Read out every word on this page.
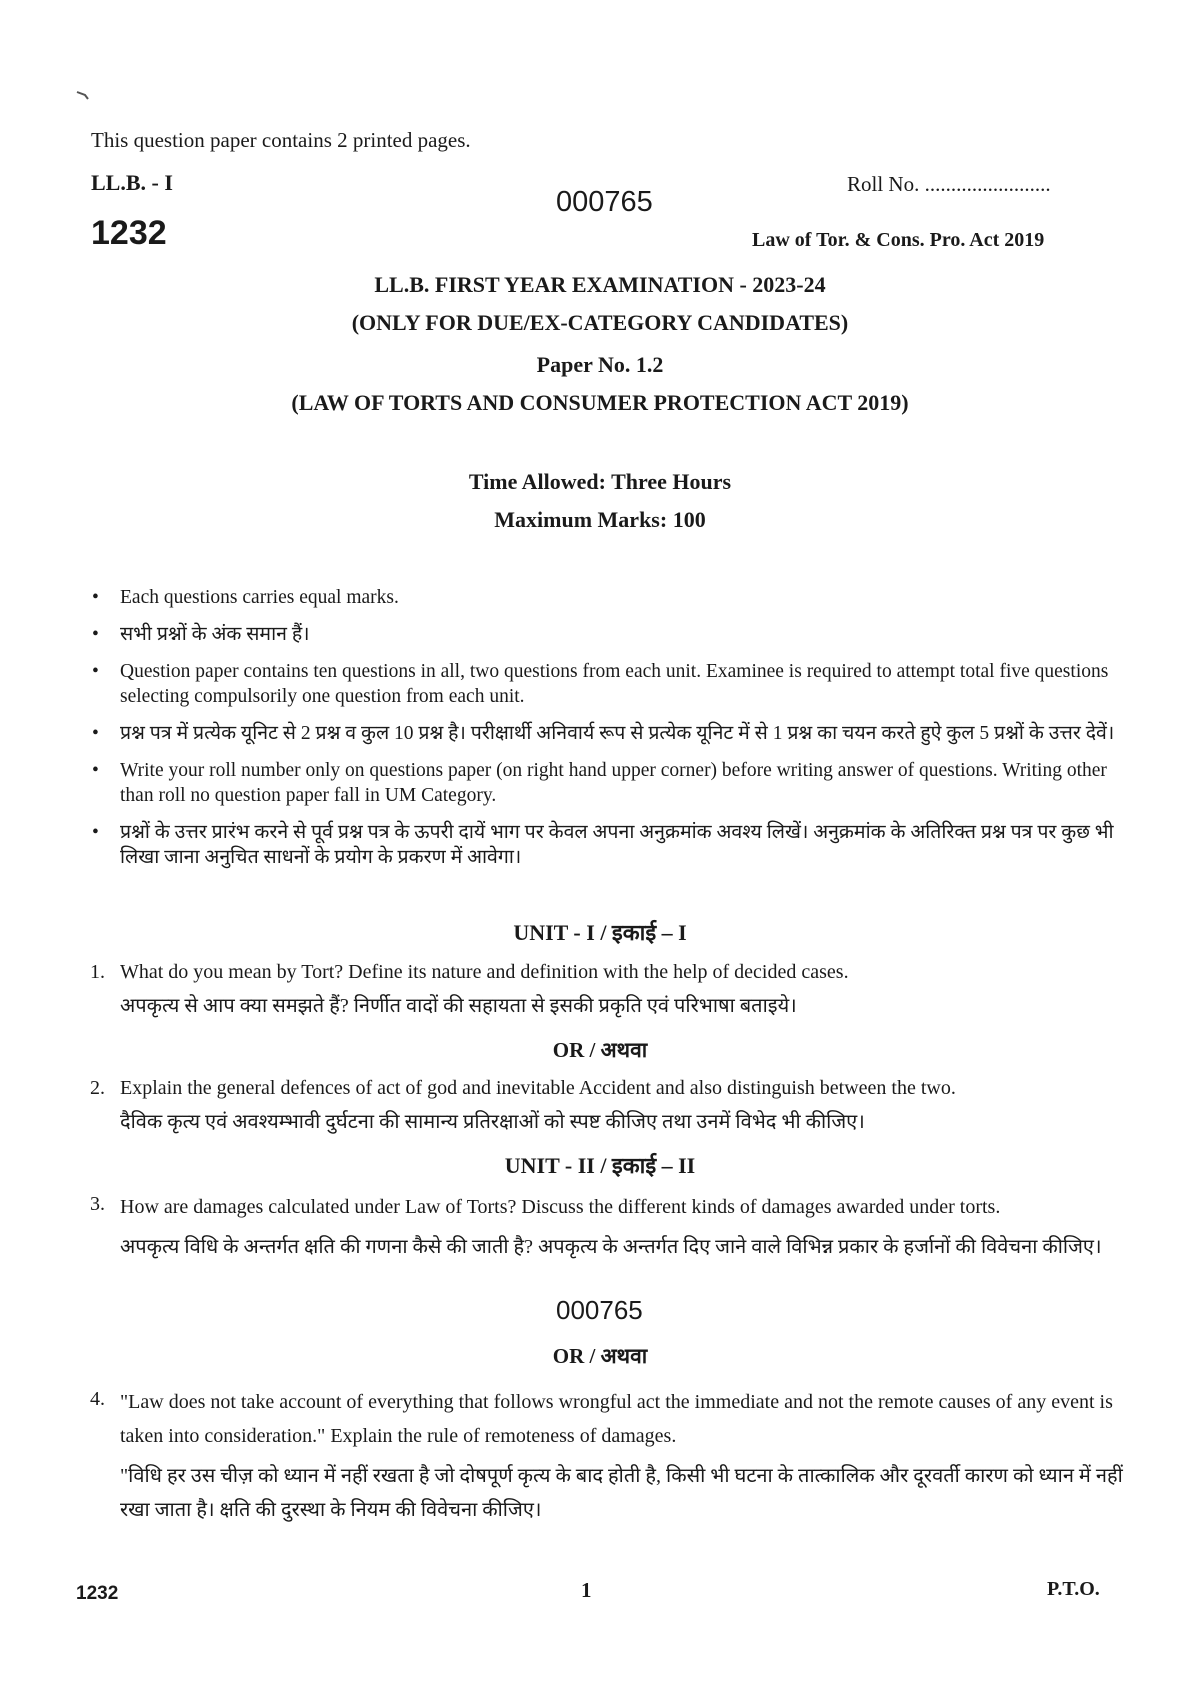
This question paper contains 2 printed pages.
LL.B. - I
1232
000765
Roll No. ........................
Law of Tor. & Cons. Pro. Act 2019
LL.B. FIRST YEAR EXAMINATION - 2023-24
(ONLY FOR DUE/EX-CATEGORY CANDIDATES)
Paper No. 1.2
(LAW OF TORTS AND CONSUMER PROTECTION ACT 2019)
Time Allowed: Three Hours
Maximum Marks: 100
• Each questions carries equal marks.
• सभी प्रश्नों के अंक समान हैं।
• Question paper contains ten questions in all, two questions from each unit. Examinee is required to attempt total five questions selecting compulsorily one question from each unit.
• प्रश्न पत्र में प्रत्येक यूनिट से 2 प्रश्न व कुल 10 प्रश्न है। परीक्षार्थी अनिवार्य रूप से प्रत्येक यूनिट में से 1 प्रश्न का चयन करते हुऐ कुल 5 प्रश्नों के उत्तर देवें।
• Write your roll number only on questions paper (on right hand upper corner) before writing answer of questions. Writing other than roll no question paper fall in UM Category.
• प्रश्नों के उत्तर प्रारंभ करने से पूर्व प्रश्न पत्र के ऊपरी दायें भाग पर केवल अपना अनुक्रमांक अवश्य लिखें। अनुक्रमांक के अतिरिक्त प्रश्न पत्र पर कुछ भी लिखा जाना अनुचित साधनों के प्रयोग के प्रकरण में आवेगा।
UNIT - I / इकाई – I
1. What do you mean by Tort? Define its nature and definition with the help of decided cases.
अपकृत्य से आप क्या समझते हैं? निर्णीत वादों की सहायता से इसकी प्रकृति एवं परिभाषा बताइये।
OR / अथवा
2. Explain the general defences of act of god and inevitable Accident and also distinguish between the two.
दैविक कृत्य एवं अवश्यम्भावी दुर्घटना की सामान्य प्रतिरक्षाओं को स्पष्ट कीजिए तथा उनमें विभेद भी कीजिए।
UNIT - II / इकाई – II
3. How are damages calculated under Law of Torts? Discuss the different kinds of damages awarded under torts.
अपकृत्य विधि के अन्तर्गत क्षति की गणना कैसे की जाती है? अपकृत्य के अन्तर्गत दिए जाने वाले विभिन्न प्रकार के हर्जानों की विवेचना कीजिए।
000765
OR / अथवा
4. "Law does not take account of everything that follows wrongful act the immediate and not the remote causes of any event is taken into consideration." Explain the rule of remoteness of damages.
"विधि हर उस चीज़ को ध्यान में नहीं रखता है जो दोषपूर्ण कृत्य के बाद होती है, किसी भी घटना के तात्कालिक और दूरवर्ती कारण को ध्यान में नहीं रखा जाता है। क्षति की दुरस्था के नियम की विवेचना कीजिए।
1232	1	P.T.O.
